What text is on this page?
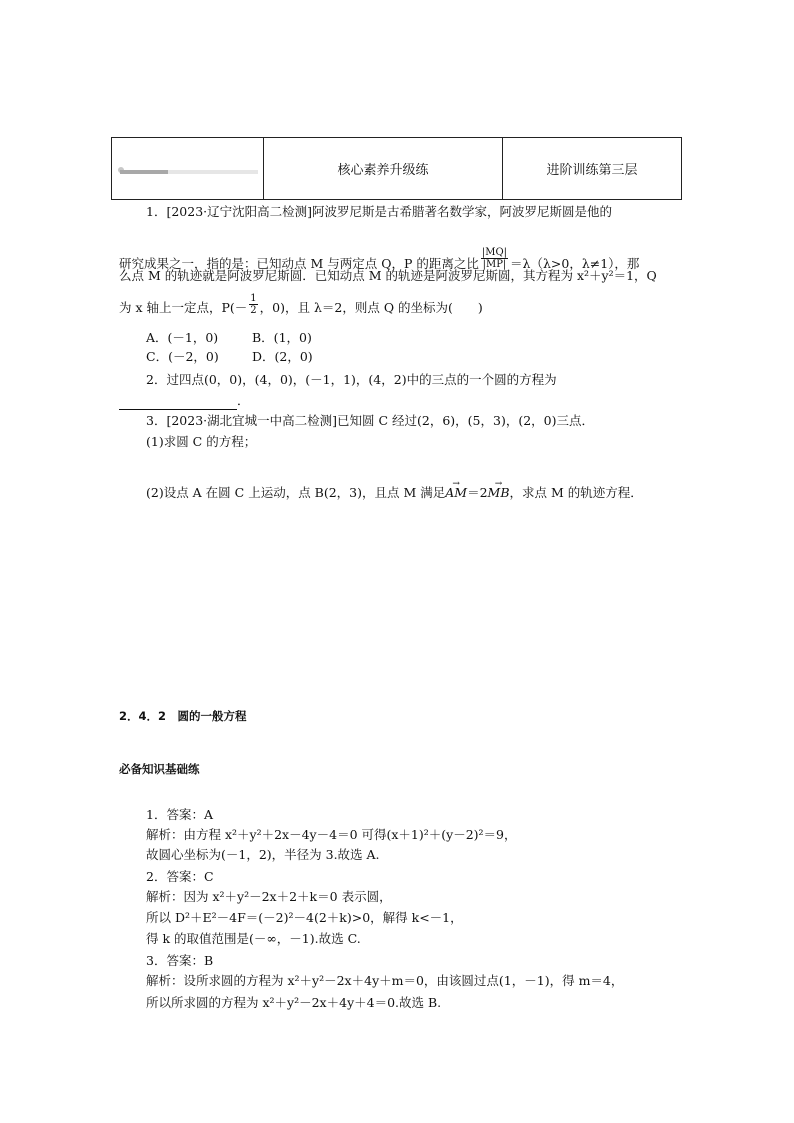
核心素养升级练	进阶训练第三层
1．[2023·辽宁沈阳高二检测]阿波罗尼斯是古希腊著名数学家，阿波罗尼斯圆是他的
研究成果之一，指的是：已知动点 M 与两定点 Q，P 的距离之比 $\frac{|MQ|}{|MP|} =\lambda(\lambda>0$，λ≠1），那
么点 M 的轨迹就是阿波罗尼斯圆．已知动点 M 的轨迹是阿波罗尼斯圆，其方程为 x²＋y²＝1，Q
为 x 轴上一定点，$P(- \frac{1}{2}$ ，0)，且 λ＝2，则点 Q 的坐标为(　　)
A．(－1，0)	B．(1，0)
C．(－2，0)	D．(2，0)
2．过四点(0，0)，(4，0)，(－1，1)，(4，2)中的三点的一个圆的方程为
．
3．[2023·湖北宜城一中高二检测]已知圆 C 经过(2，6)，(5，3)，(2，0)三点．
(1)求圆 C 的方程；
(2)设点 A 在圆 C 上运动，点 B(2，3)，且点 M 满足→ AM＝2→ MB，求点 M 的轨迹方程．
2．4．2　圆的一般方程
必备知识基础练
1．答案：A
解析：由方程 x²＋y²＋2x－4y－4＝0 可得(x＋1)²＋(y－2)²＝9，
故圆心坐标为(－1，2)，半径为 3.故选 A.
2．答案：C
解析：因为 x²＋y²－2x＋2＋k＝0 表示圆，
所以 D²＋E²－4F＝(－2)²－4(2＋k)>0，解得 k<－1，
得 k 的取值范围是(－∞，－1).故选 C.
3．答案：B
解析：设所求圆的方程为 x²＋y²－2x＋4y＋m＝0，由该圆过点(1，－1)，得 m＝4，
所以所求圆的方程为 x²＋y²－2x＋4y＋4＝0.故选 B.
